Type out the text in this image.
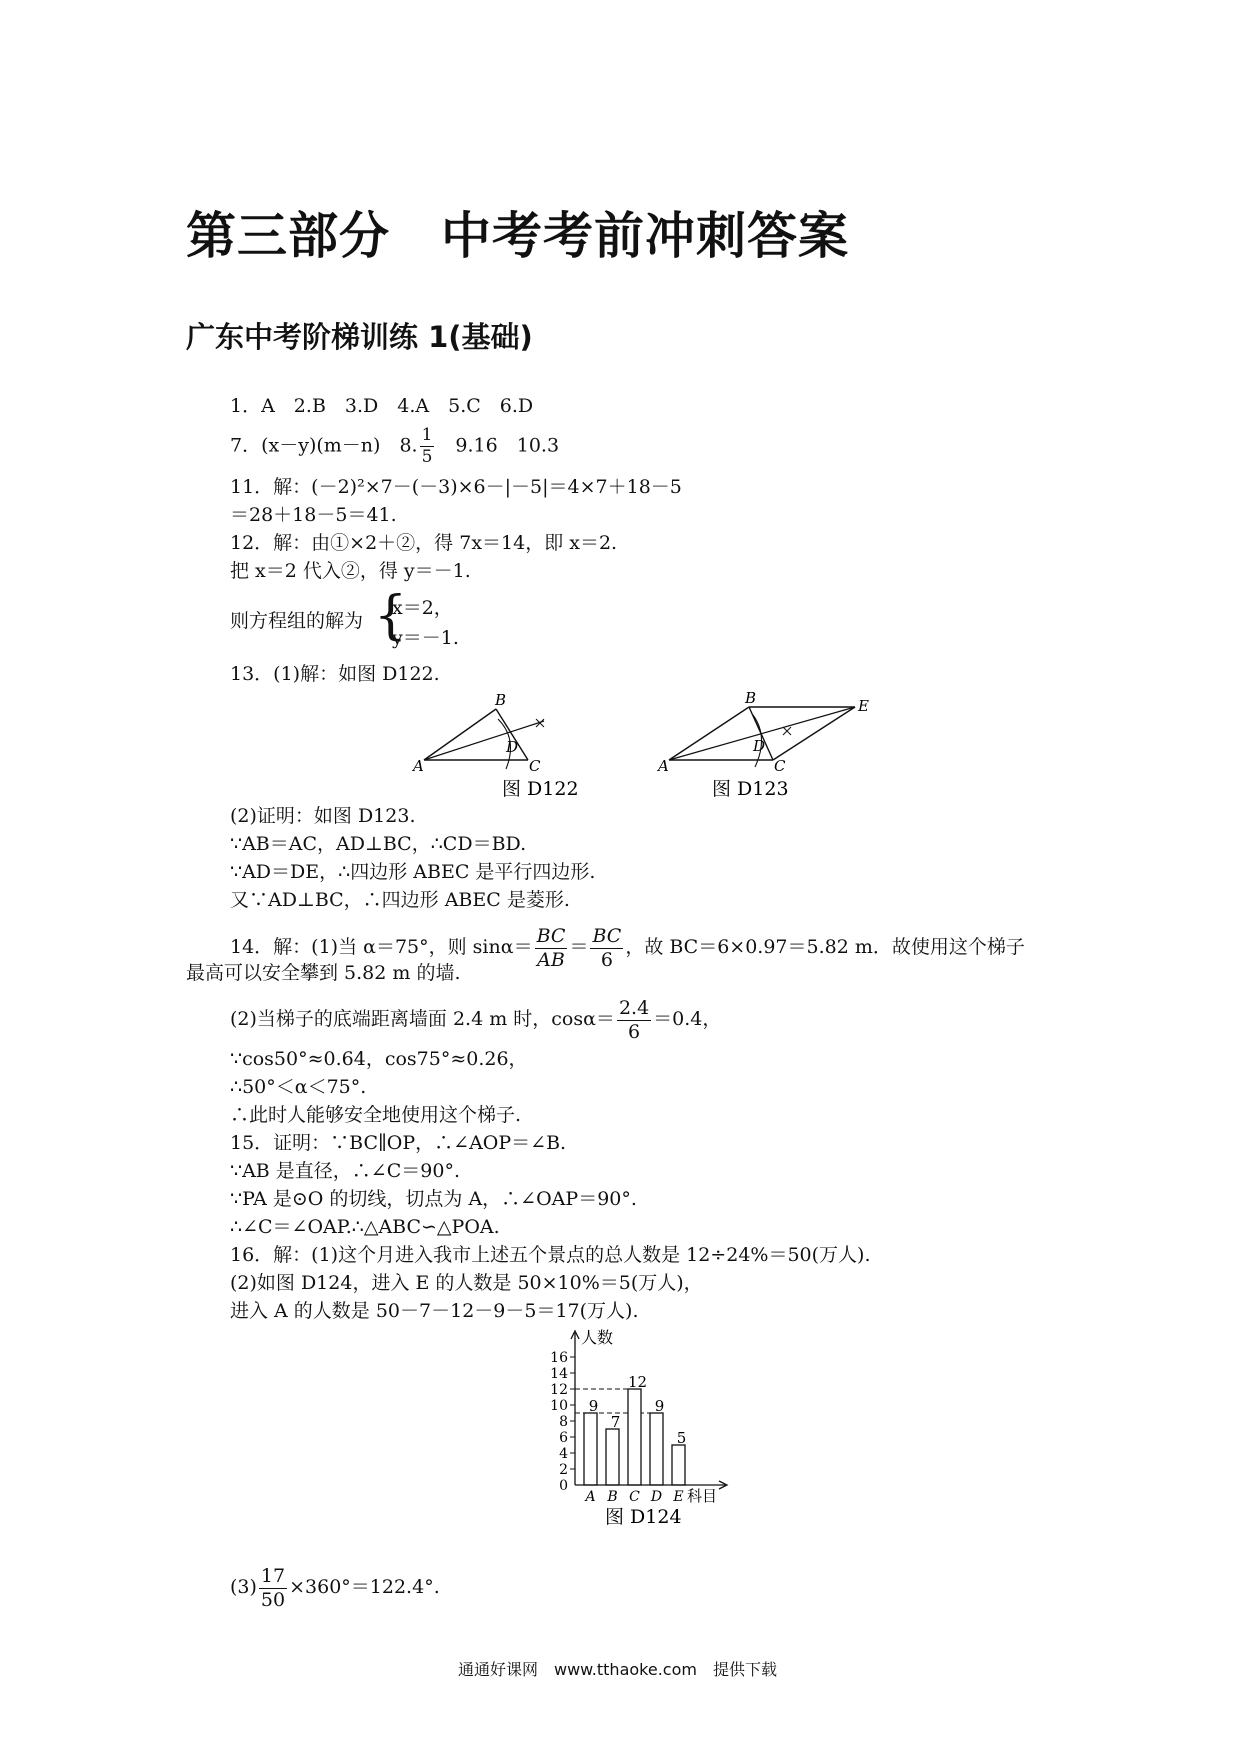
第三部分　中考考前冲刺答案
广东中考阶梯训练 1(基础)
1．A　2.B　3.D　4.A　5.C　6.D
7．(x－y)(m－n)　8. $\frac{1}{5}$
　 9.16　10.3
11．解：(－2)²×7－(－3)×6－|－5|＝4×7＋18－5
＝28＋18－5＝41.
12．解：由①×2＋②，得 7x＝14，即 x＝2.
把 x＝2 代入②，得 y＝－1.
则方程组的解为 {
x＝2，
y＝－1.
13．(1)解：如图 D122.
B
A	C
D
图 D122
B	E
A	C
D
图 D123
(2)证明：如图 D123.
∵AB＝AC，AD⊥BC，∴CD＝BD.
∵AD＝DE，∴四边形 ABEC 是平行四边形.
又∵AD⊥BC，∴四边形 ABEC 是菱形.
14．解：(1)当 α＝75°，则 $\sin\alpha= \frac{BC}{AB} = \frac{BC}{6}$ ，故 BC＝6×0.97＝5.82 m．故使用这个梯子
最高可以安全攀到 5.82 m 的墙.
(2)当梯子的底端距离墙面 2.4 m 时，$\cos\alpha= \frac{2.4}{6} =0.4$，
∵cos50°≈0.64，cos75°≈0.26，
∴50°＜α＜75°.
∴此时人能够安全地使用这个梯子.
15．证明：∵BC∥OP，∴∠AOP＝∠B.
∵AB 是直径，∴∠C＝90°.
∵PA 是⊙O 的切线，切点为 A，∴∠OAP＝90°.
∴∠C＝∠OAP.∴△ABC∽△POA.
16．解：(1)这个月进入我市上述五个景点的总人数是 12÷24%＝50(万人).
(2)如图 D124，进入 E 的人数是 50×10%＝5(万人)，
进入 A 的人数是 50－7－12－9－5＝17(万人).
9
7
12
9
5
0
2
4
6
8
10
12
14
16
人数
A B C D E 科目
图 D124
$(3) \frac{17}{50} \times 360^\circ=122.4^\circ$.
通通好课网　www.tthaoke.com　提供下载
